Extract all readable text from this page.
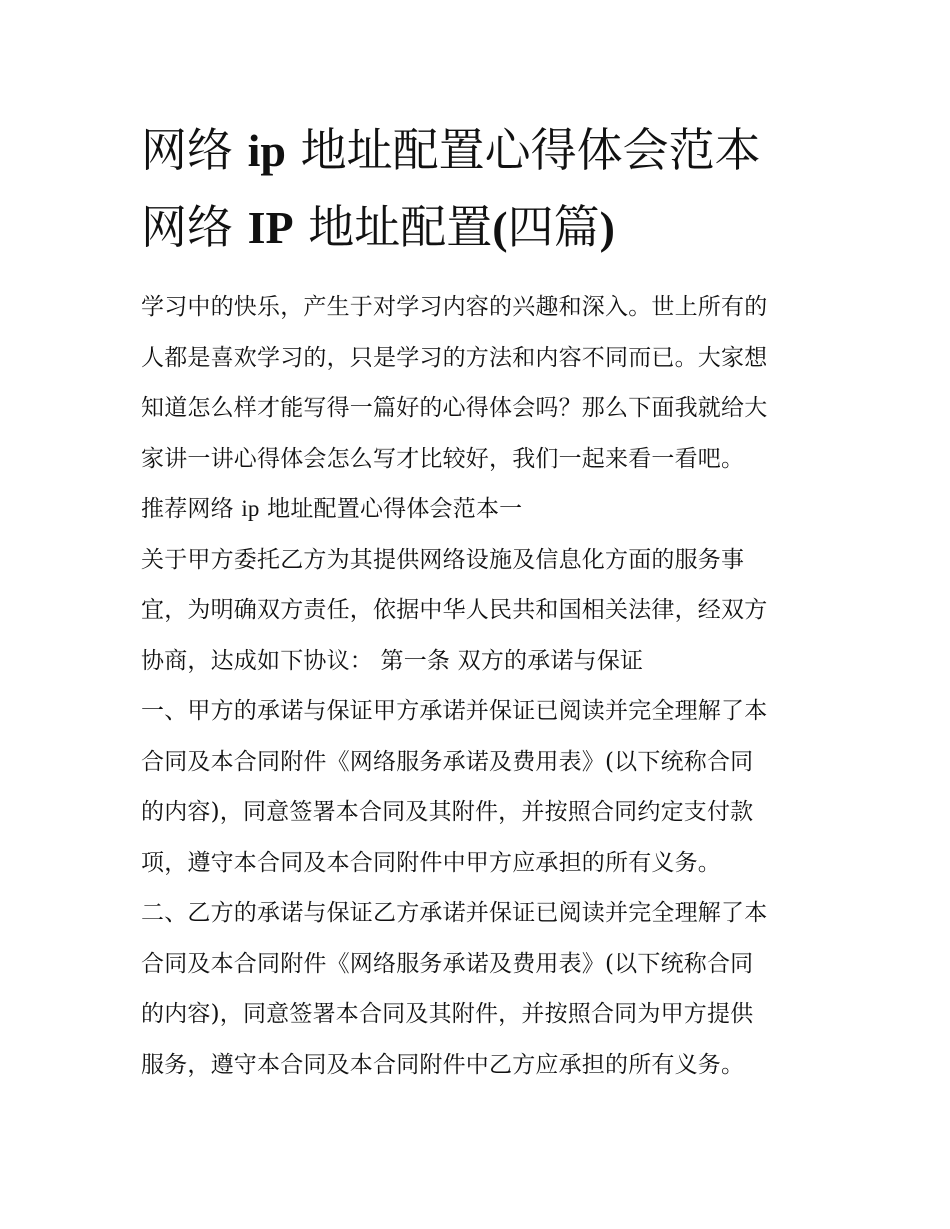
网络 ip 地址配置心得体会范本
网络 IP 地址配置(四篇)

学习中的快乐，产生于对学习内容的兴趣和深入。世上所有的

人都是喜欢学习的，只是学习的方法和内容不同而已。大家想

知道怎么样才能写得一篇好的心得体会吗？那么下面我就给大

家讲一讲心得体会怎么写才比较好，我们一起来看一看吧。

推荐网络 ip 地址配置心得体会范本一

关于甲方委托乙方为其提供网络设施及信息化方面的服务事

宜，为明确双方责任，依据中华人民共和国相关法律，经双方

协商，达成如下协议： 第一条 双方的承诺与保证

一、甲方的承诺与保证甲方承诺并保证已阅读并完全理解了本

合同及本合同附件《网络服务承诺及费用表》(以下统称合同

的内容)，同意签署本合同及其附件，并按照合同约定支付款

项，遵守本合同及本合同附件中甲方应承担的所有义务。

二、乙方的承诺与保证乙方承诺并保证已阅读并完全理解了本

合同及本合同附件《网络服务承诺及费用表》(以下统称合同

的内容)，同意签署本合同及其附件，并按照合同为甲方提供

服务，遵守本合同及本合同附件中乙方应承担的所有义务。
